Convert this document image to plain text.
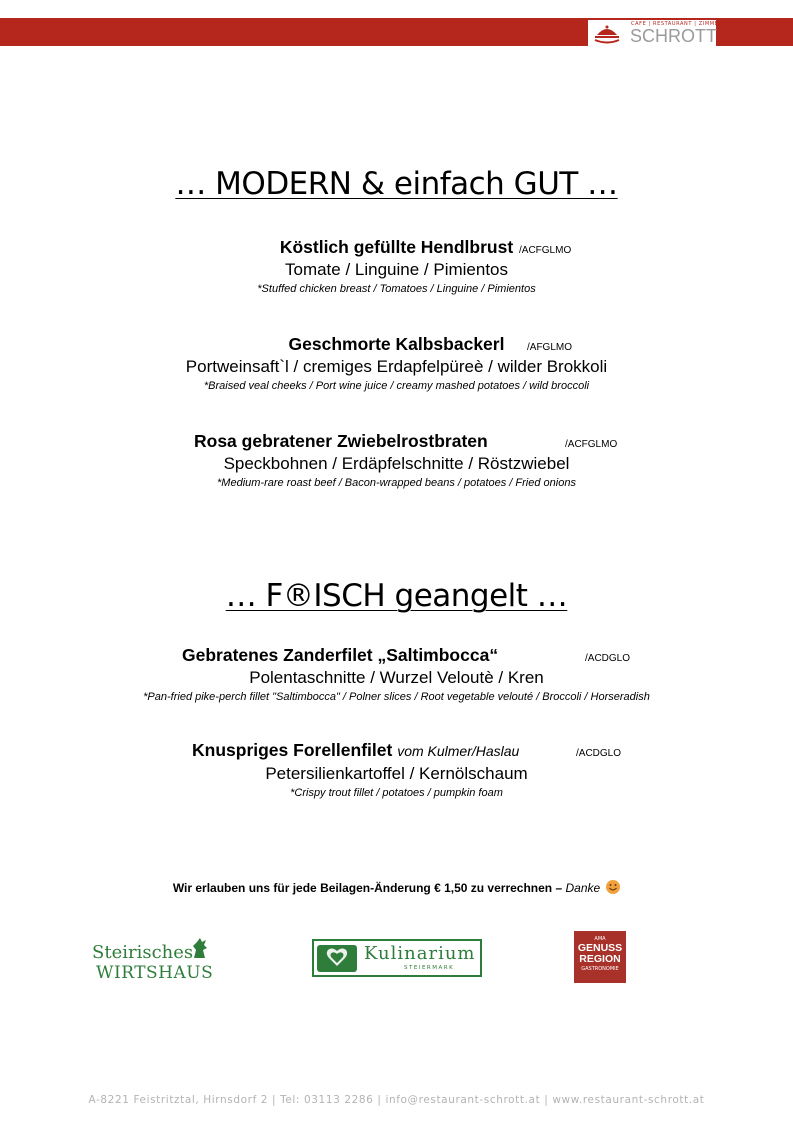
CAFE | RESTAURANT | ZIMMER
SCHROTT
… MODERN & einfach GUT …
Köstlich gefüllte Hendlbrust /ACFGLMO
Tomate / Linguine / Pimientos
*Stuffed chicken breast / Tomatoes / Linguine / Pimientos
Geschmorte Kalbsbackerl	/AFGLMO
Portweinsaft`l / cremiges Erdapfelpüreè / wilder Brokkoli
*Braised veal cheeks / Port wine juice / creamy mashed potatoes / wild broccoli
Rosa gebratener Zwiebelrostbraten	/ACFGLMO
Speckbohnen / Erdäpfelschnitte / Röstzwiebel
*Medium-rare roast beef / Bacon-wrapped beans / potatoes / Fried onions
… F®ISCH geangelt …
Gebratenes Zanderfilet „Saltimbocca“	/ACDGLO
Polentaschnitte / Wurzel Veloutè / Kren
*Pan-fried pike-perch fillet "Saltimbocca" / Polner slices / Root vegetable velouté / Broccoli / Horseradish
Knuspriges Forellenfilet vom Kulmer/Haslau	/ACDGLO
Petersilienkartoffel / Kernölschaum
*Crispy trout fillet / potatoes / pumpkin foam
Wir erlauben uns für jede Beilagen-Änderung € 1,50 zu verrechnen – Danke
Steirisches
WIRTSHAUS
Kulinarium
STEIERMARK
AMA
GENUSS
REGION
GASTRONOMIE
A-8221 Feistritztal, Hirnsdorf 2 | Tel: 03113 2286 | info@restaurant-schrott.at | www.restaurant-schrott.at
